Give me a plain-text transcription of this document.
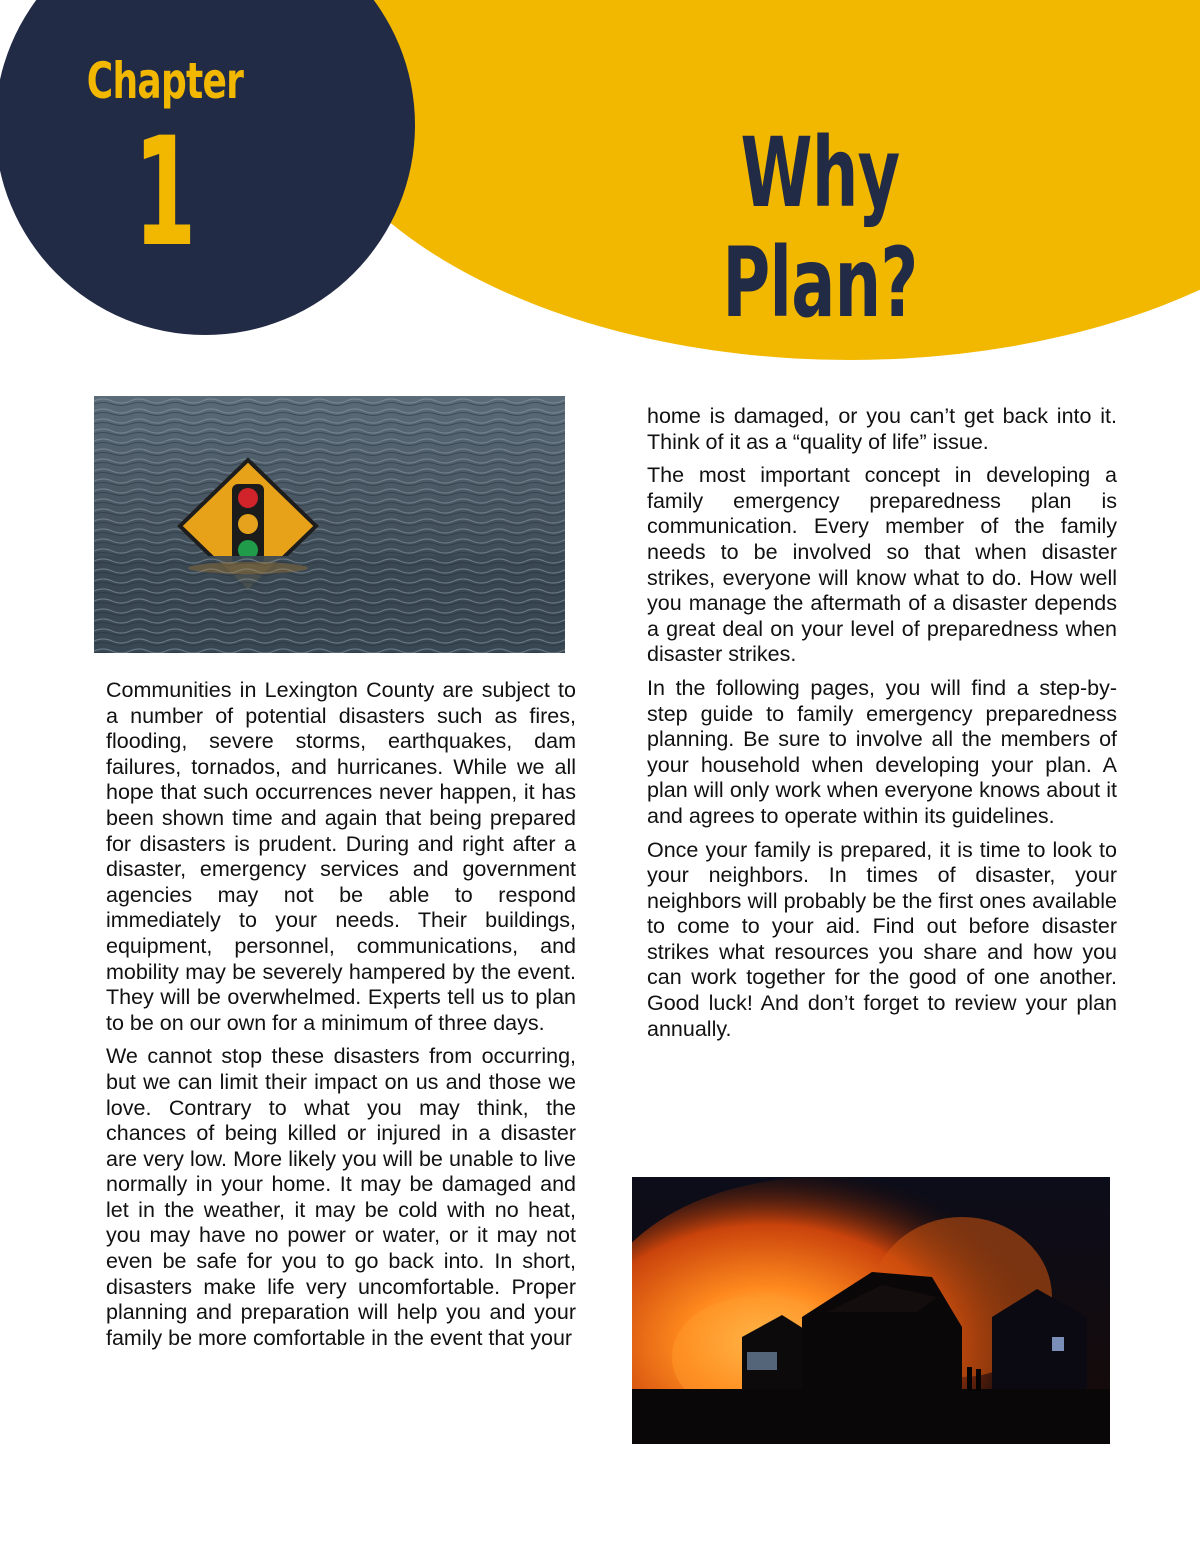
Chapter
1	Why Plan?

Communities in Lexington County are subject to a number of potential disasters such as fires, flooding, severe storms, earthquakes, dam failures, tornados, and hurricanes. While we all hope that such occurrences never happen, it has been shown time and again that being prepared for disasters is prudent. During and right after a disaster, emergency services and government agencies may not be able to respond immediately to your needs. Their buildings, equipment, personnel, communications, and mobility may be severely hampered by the event. They will be overwhelmed. Experts tell us to plan to be on our own for a minimum of three days.

We cannot stop these disasters from occurring, but we can limit their impact on us and those we love. Contrary to what you may think, the chances of being killed or injured in a disaster are very low. More likely you will be unable to live normally in your home. It may be damaged and let in the weather, it may be cold with no heat, you may have no power or water, or it may not even be safe for you to go back into. In short, disasters make life very uncomfortable. Proper planning and preparation will help you and your family be more comfortable in the event that your

home is damaged, or you can’t get back into it. Think of it as a “quality of life” issue.

The most important concept in developing a family emergency preparedness plan is communication. Every member of the family needs to be involved so that when disaster strikes, everyone will know what to do. How well you manage the aftermath of a disaster depends a great deal on your level of preparedness when disaster strikes.

In the following pages, you will find a step-by-step guide to family emergency preparedness planning. Be sure to involve all the members of your household when developing your plan. A plan will only work when everyone knows about it and agrees to operate within its guidelines.

Once your family is prepared, it is time to look to your neighbors. In times of disaster, your neighbors will probably be the first ones available to come to your aid. Find out before disaster strikes what resources you share and how you can work together for the good of one another. Good luck! And don’t forget to review your plan annually.
